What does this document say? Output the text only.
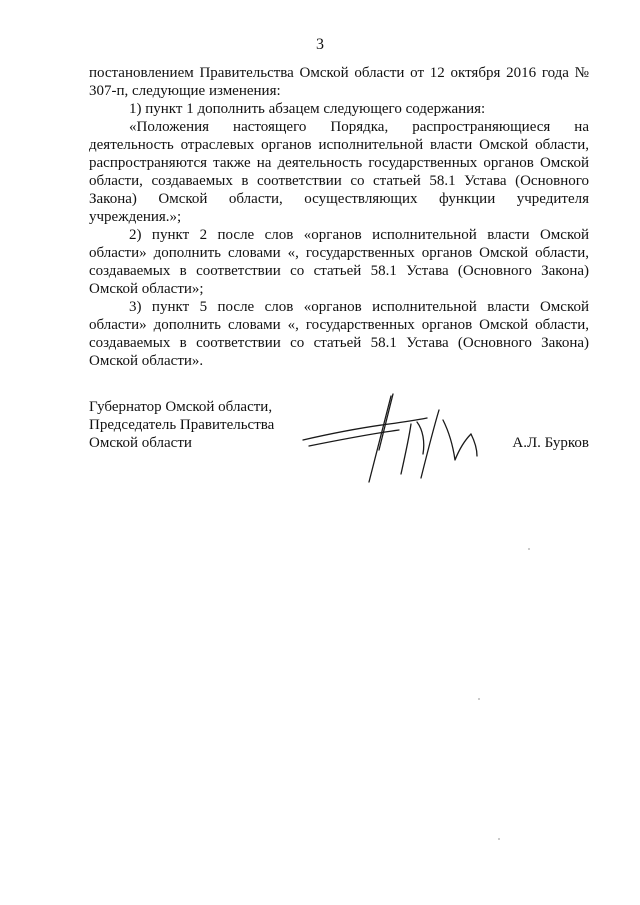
3

постановлением Правительства Омской области от 12 октября 2016 года № 307-п, следующие изменения:

1) пункт 1 дополнить абзацем следующего содержания:

«Положения настоящего Порядка, распространяющиеся на деятельность отраслевых органов исполнительной власти Омской области, распространяются также на деятельность государственных органов Омской области, создаваемых в соответствии со статьей 58.1 Устава (Основного Закона) Омской области, осуществляющих функции учредителя учреждения.»;

2) пункт 2 после слов «органов исполнительной власти Омской области» дополнить словами «, государственных органов Омской области, создаваемых в соответствии со статьей 58.1 Устава (Основного Закона) Омской области»;

3) пункт 5 после слов «органов исполнительной власти Омской области» дополнить словами «, государственных органов Омской области, создаваемых в соответствии со статьей 58.1 Устава (Основного Закона) Омской области».

Губернатор Омской области,
Председатель Правительства
Омской области	А.Л. Бурков
